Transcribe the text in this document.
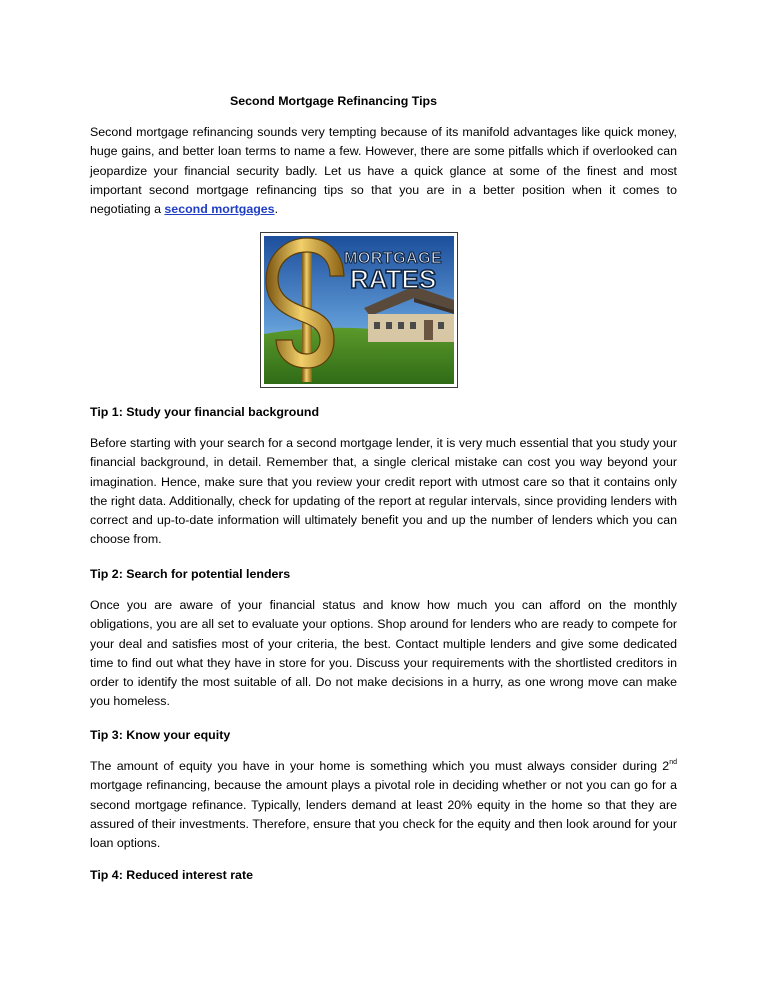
Second Mortgage Refinancing Tips

Second mortgage refinancing sounds very tempting because of its manifold advantages like quick money, huge gains, and better loan terms to name a few. However, there are some pitfalls which if overlooked can jeopardize your financial security badly. Let us have a quick glance at some of the finest and most important second mortgage refinancing tips so that you are in a better position when it comes to negotiating a second mortgages.

MORTGAGE
RATES
Tip 1: Study your financial background

Before starting with your search for a second mortgage lender, it is very much essential that you study your financial background, in detail. Remember that, a single clerical mistake can cost you way beyond your imagination. Hence, make sure that you review your credit report with utmost care so that it contains only the right data. Additionally, check for updating of the report at regular intervals, since providing lenders with correct and up-to-date information will ultimately benefit you and up the number of lenders which you can choose from.

Tip 2: Search for potential lenders

Once you are aware of your financial status and know how much you can afford on the monthly obligations, you are all set to evaluate your options. Shop around for lenders who are ready to compete for your deal and satisfies most of your criteria, the best. Contact multiple lenders and give some dedicated time to find out what they have in store for you. Discuss your requirements with the shortlisted creditors in order to identify the most suitable of all. Do not make decisions in a hurry, as one wrong move can make you homeless.

Tip 3: Know your equity

The amount of equity you have in your home is something which you must always consider during 2nd mortgage refinancing, because the amount plays a pivotal role in deciding whether or not you can go for a second mortgage refinance. Typically, lenders demand at least 20% equity in the home so that they are assured of their investments. Therefore, ensure that you check for the equity and then look around for your loan options.

Tip 4: Reduced interest rate
